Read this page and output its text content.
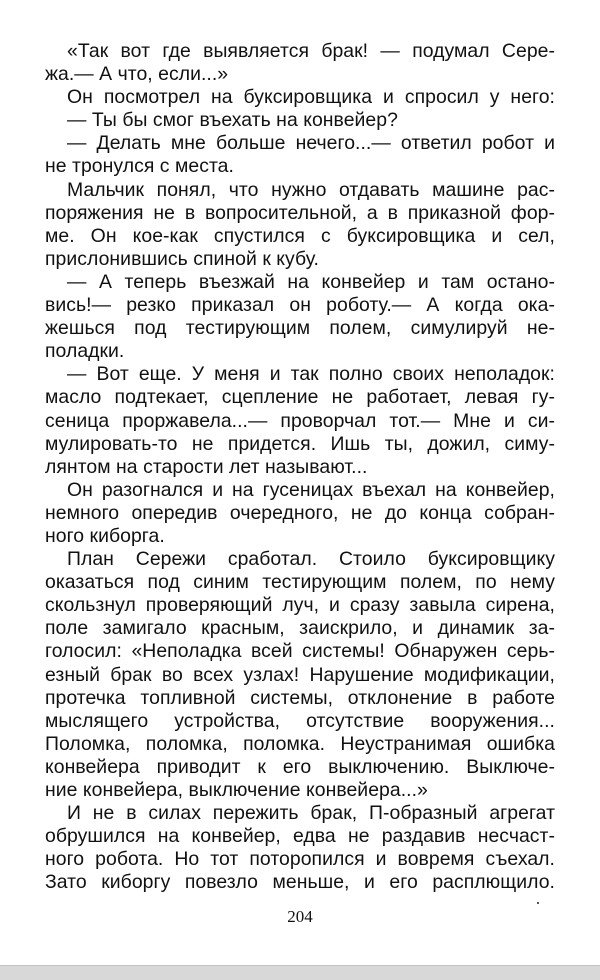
«Так вот где выявляется брак! — подумал Сере-
жа.— А что, если...»
Он посмотрел на буксировщика и спросил у него:
— Ты бы смог въехать на конвейер?
— Делать мне больше нечего...— ответил робот и
не тронулся с места.
Мальчик понял, что нужно отдавать машине рас-
поряжения не в вопросительной, а в приказной фор-
ме. Он кое-как спустился с буксировщика и сел,
прислонившись спиной к кубу.
— А теперь въезжай на конвейер и там остано-
вись!— резко приказал он роботу.— А когда ока-
жешься под тестирующим полем, симулируй не-
поладки.
— Вот еще. У меня и так полно своих неполадок:
масло подтекает, сцепление не работает, левая гу-
сеница проржавела...— проворчал тот.— Мне и си-
мулировать-то не придется. Ишь ты, дожил, симу-
лянтом на старости лет называют...
Он разогнался и на гусеницах въехал на конвейер,
немного опередив очередного, не до конца собран-
ного киборга.
План Сережи сработал. Стоило буксировщику
оказаться под синим тестирующим полем, по нему
скользнул проверяющий луч, и сразу завыла сирена,
поле замигало красным, заискрило, и динамик за-
голосил: «Неполадка всей системы! Обнаружен серь-
езный брак во всех узлах! Нарушение модификации,
протечка топливной системы, отклонение в работе
мыслящего устройства, отсутствие вооружения...
Поломка, поломка, поломка. Неустранимая ошибка
конвейера приводит к его выключению. Выключе-
ние конвейера, выключение конвейера...»
И не в силах пережить брак, П-образный агрегат
обрушился на конвейер, едва не раздавив несчаст-
ного робота. Но тот поторопился и вовремя съехал.
Зато киборгу повезло меньше, и его расплющило.
204
